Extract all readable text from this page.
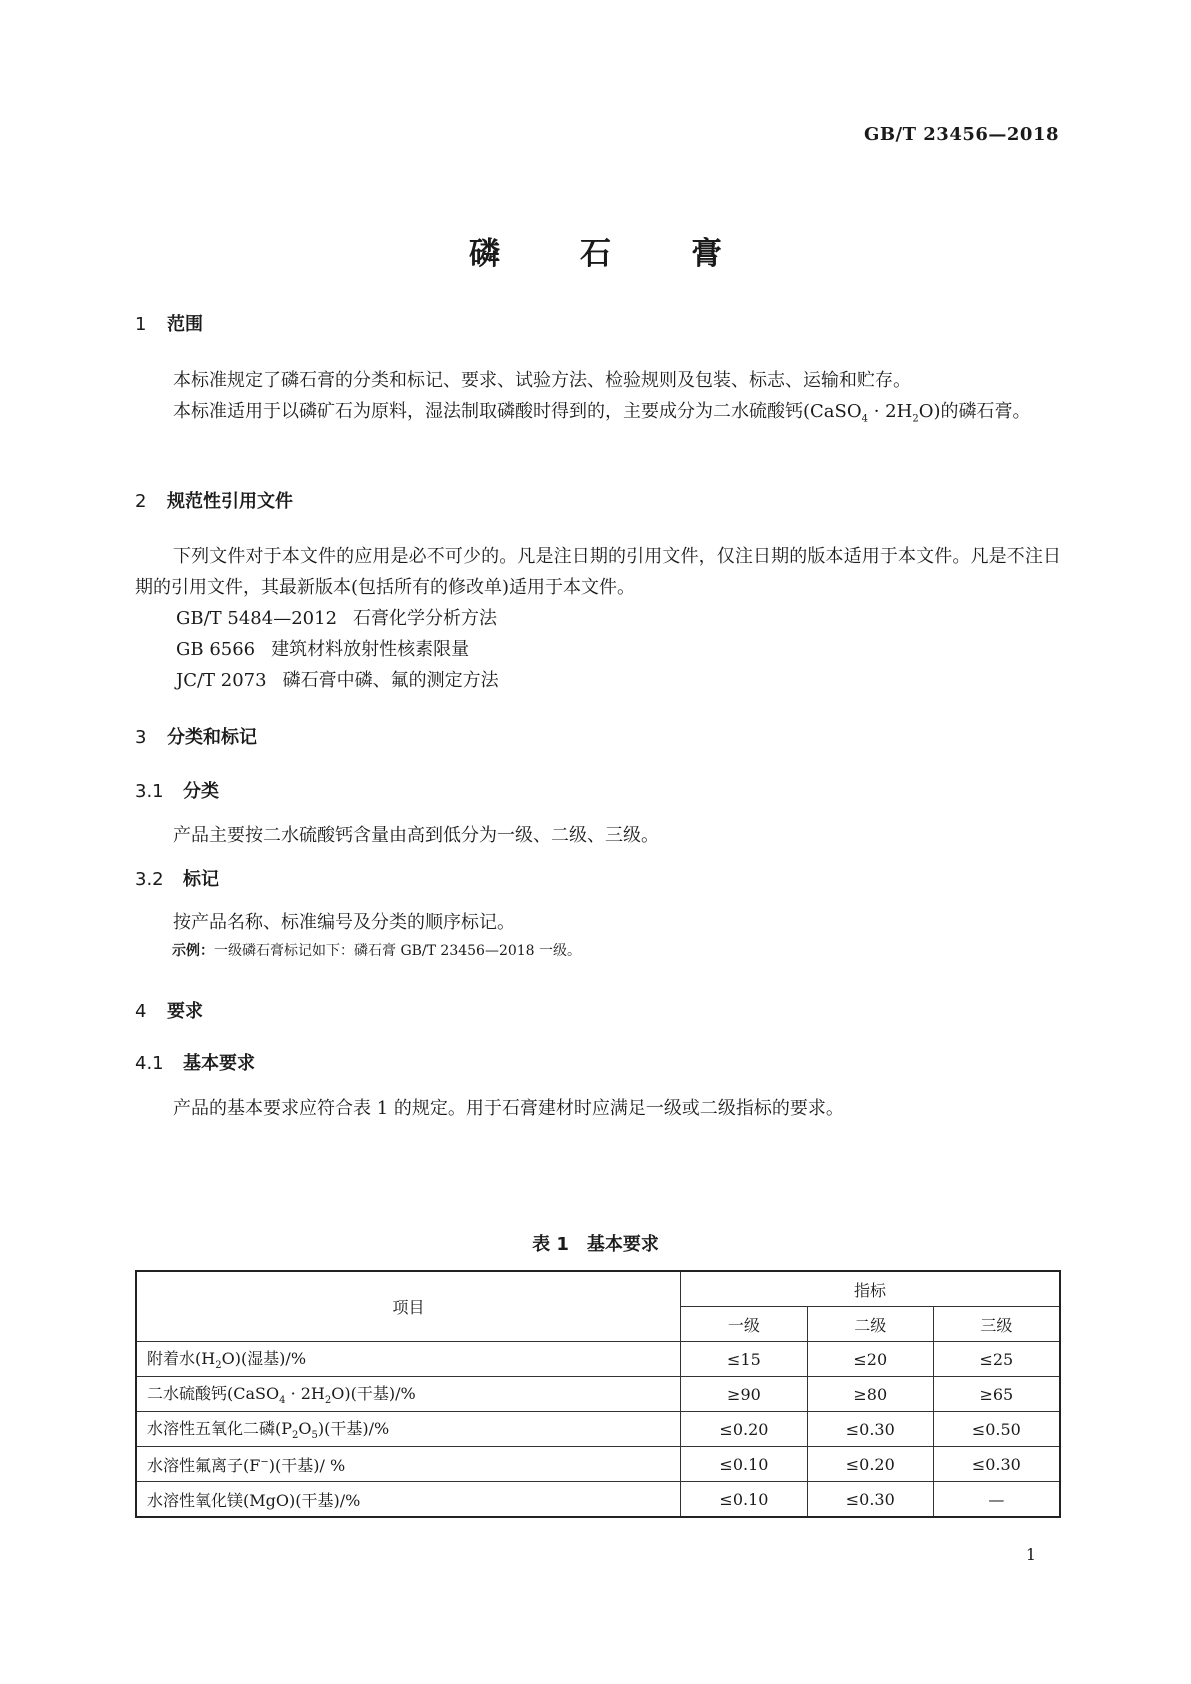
GB/T 23456—2018
磷	石	膏
1 范围
本标准规定了磷石膏的分类和标记、要求、试验方法、检验规则及包装、标志、运输和贮存。
本标准适用于以磷矿石为原料，湿法制取磷酸时得到的，主要成分为二水硫酸钙(CaSO$_4$ · $2H_2O$)的磷石膏。
2 规范性引用文件
下列文件对于本文件的应用是必不可少的。凡是注日期的引用文件，仅注日期的版本适用于本文件。凡是不注日期的引用文件，其最新版本(包括所有的修改单)适用于本文件。
GB/T 5484—2012 石膏化学分析方法
GB 6566 建筑材料放射性核素限量
JC/T 2073 磷石膏中磷、氟的测定方法
3 分类和标记
3.1 分类
产品主要按二水硫酸钙含量由高到低分为一级、二级、三级。
3.2 标记
按产品名称、标准编号及分类的顺序标记。
示例：一级磷石膏标记如下：磷石膏 GB/T 23456—2018 一级。
4 要求
4.1 基本要求
产品的基本要求应符合表 1 的规定。用于石膏建材时应满足一级或二级指标的要求。
表 1 基本要求
项目	指标		
	一级	二级	三级
附着水$(H_2O)$(湿基)/%	≤15	≤20	≤25
二水硫酸钙(CaSO$_4$ · $2H_2O$)(干基)/%	≥90	≥80	≥65
水溶性五氧化二磷$(P_2O_5)$(干基)/%	≤0.20	≤0.30	≤0.50
水溶性氟离子(F−)(干基)/ %	≤0.10	≤0.20	≤0.30
水溶性氧化镁(MgO)(干基)/%	≤0.10	≤0.30	—
1
